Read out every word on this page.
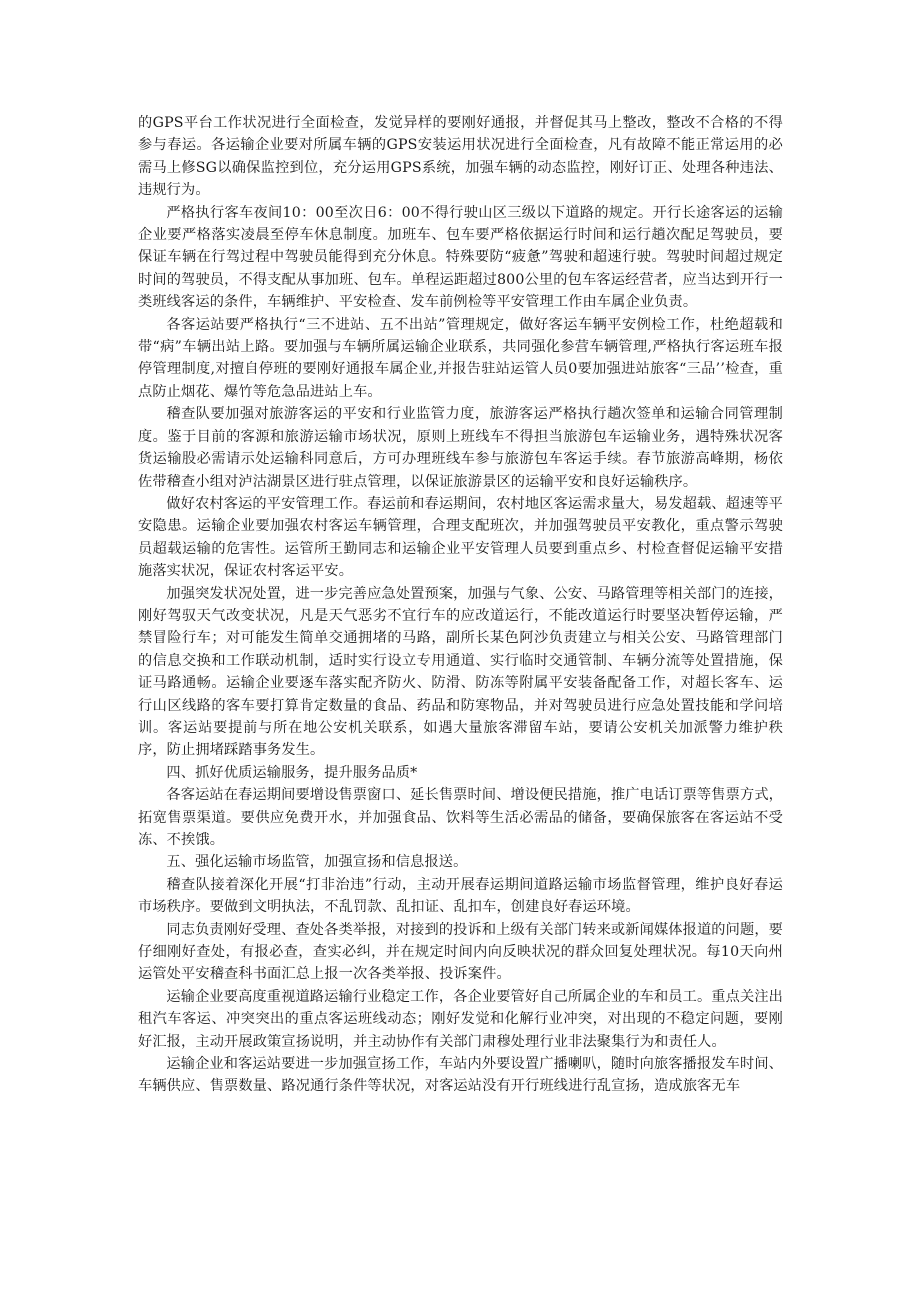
的GPS平台工作状况进行全面检查，发觉异样的要刚好通报，并督促其马上整改，整改不合格的不得参与春运。各运输企业要对所属车辆的GPS安装运用状况进行全面检查，凡有故障不能正常运用的必需马上修SG以确保监控到位，充分运用GPS系统，加强车辆的动态监控，刚好订正、处理各种违法、违规行为。

严格执行客车夜间10：00至次日6：00不得行驶山区三级以下道路的规定。开行长途客运的运输企业要严格落实凌晨至停车休息制度。加班车、包车要严格依据运行时间和运行趟次配足驾驶员，要保证车辆在行驾过程中驾驶员能得到充分休息。特殊要防“疲惫”驾驶和超速行驶。驾驶时间超过规定时间的驾驶员，不得支配从事加班、包车。单程运距超过800公里的包车客运经营者，应当达到开行一类班线客运的条件，车辆维护、平安检查、发车前例检等平安管理工作由车属企业负责。

各客运站要严格执行“三不进站、五不出站”管理规定，做好客运车辆平安例检工作，杜绝超载和带“病”车辆出站上路。要加强与车辆所属运输企业联系，共同强化参营车辆管理,严格执行客运班车报停管理制度,对擅自停班的要刚好通报车属企业,并报告驻站运管人员0要加强进站旅客“三品’’检查，重点防止烟花、爆竹等危急品进站上车。

稽查队要加强对旅游客运的平安和行业监管力度，旅游客运严格执行趟次签单和运输合同管理制度。鉴于目前的客源和旅游运输市场状况，原则上班线车不得担当旅游包车运输业务，遇特殊状况客货运输股必需请示处运输科同意后，方可办理班线车参与旅游包车客运手续。春节旅游高峰期，杨依佐带稽查小组对泸沽湖景区进行驻点管理，以保证旅游景区的运输平安和良好运输秩序。

做好农村客运的平安管理工作。春运前和春运期间，农村地区客运需求量大，易发超载、超速等平安隐患。运输企业要加强农村客运车辆管理，合理支配班次，并加强驾驶员平安教化，重点警示驾驶员超载运输的危害性。运管所王勤同志和运输企业平安管理人员要到重点乡、村检查督促运输平安措施落实状况，保证农村客运平安。

加强突发状况处置，进一步完善应急处置预案，加强与气象、公安、马路管理等相关部门的连接，刚好驾驭天气改变状况，凡是天气恶劣不宜行车的应改道运行，不能改道运行时要坚决暂停运输，严禁冒险行车；对可能发生简单交通拥堵的马路，副所长某色阿沙负责建立与相关公安、马路管理部门的信息交换和工作联动机制，适时实行设立专用通道、实行临时交通管制、车辆分流等处置措施，保证马路通畅。运输企业要逐车落实配齐防火、防滑、防冻等附属平安装备配备工作，对超长客车、运行山区线路的客车要打算肯定数量的食品、药品和防寒物品，并对驾驶员进行应急处置技能和学问培训。客运站要提前与所在地公安机关联系，如遇大量旅客滞留车站，要请公安机关加派警力维护秩序，防止拥堵踩踏事务发生。

四、抓好优质运输服务，提升服务品质*

各客运站在春运期间要增设售票窗口、延长售票时间、增设便民措施，推广电话订票等售票方式，拓宽售票渠道。要供应免费开水，并加强食品、饮料等生活必需品的储备，要确保旅客在客运站不受冻、不挨饿。

五、强化运输市场监管，加强宣扬和信息报送。

稽查队接着深化开展“打非治违”行动，主动开展春运期间道路运输市场监督管理，维护良好春运市场秩序。要做到文明执法，不乱罚款、乱扣证、乱扣车，创建良好春运环境。

同志负责刚好受理、查处各类举报，对接到的投诉和上级有关部门转来或新闻媒体报道的问题，要仔细刚好查处，有报必查，查实必纠，并在规定时间内向反映状况的群众回复处理状况。每10天向州运管处平安稽查科书面汇总上报一次各类举报、投诉案件。

运输企业要高度重视道路运输行业稳定工作，各企业要管好自己所属企业的车和员工。重点关注出租汽车客运、冲突突出的重点客运班线动态；刚好发觉和化解行业冲突，对出现的不稳定问题，要刚好汇报，主动开展政策宣扬说明，并主动协作有关部门肃穆处理行业非法聚集行为和责任人。

运输企业和客运站要进一步加强宣扬工作，车站内外要设置广播喇叭，随时向旅客播报发车时间、车辆供应、售票数量、路况通行条件等状况，对客运站没有开行班线进行乱宣扬，造成旅客无车
